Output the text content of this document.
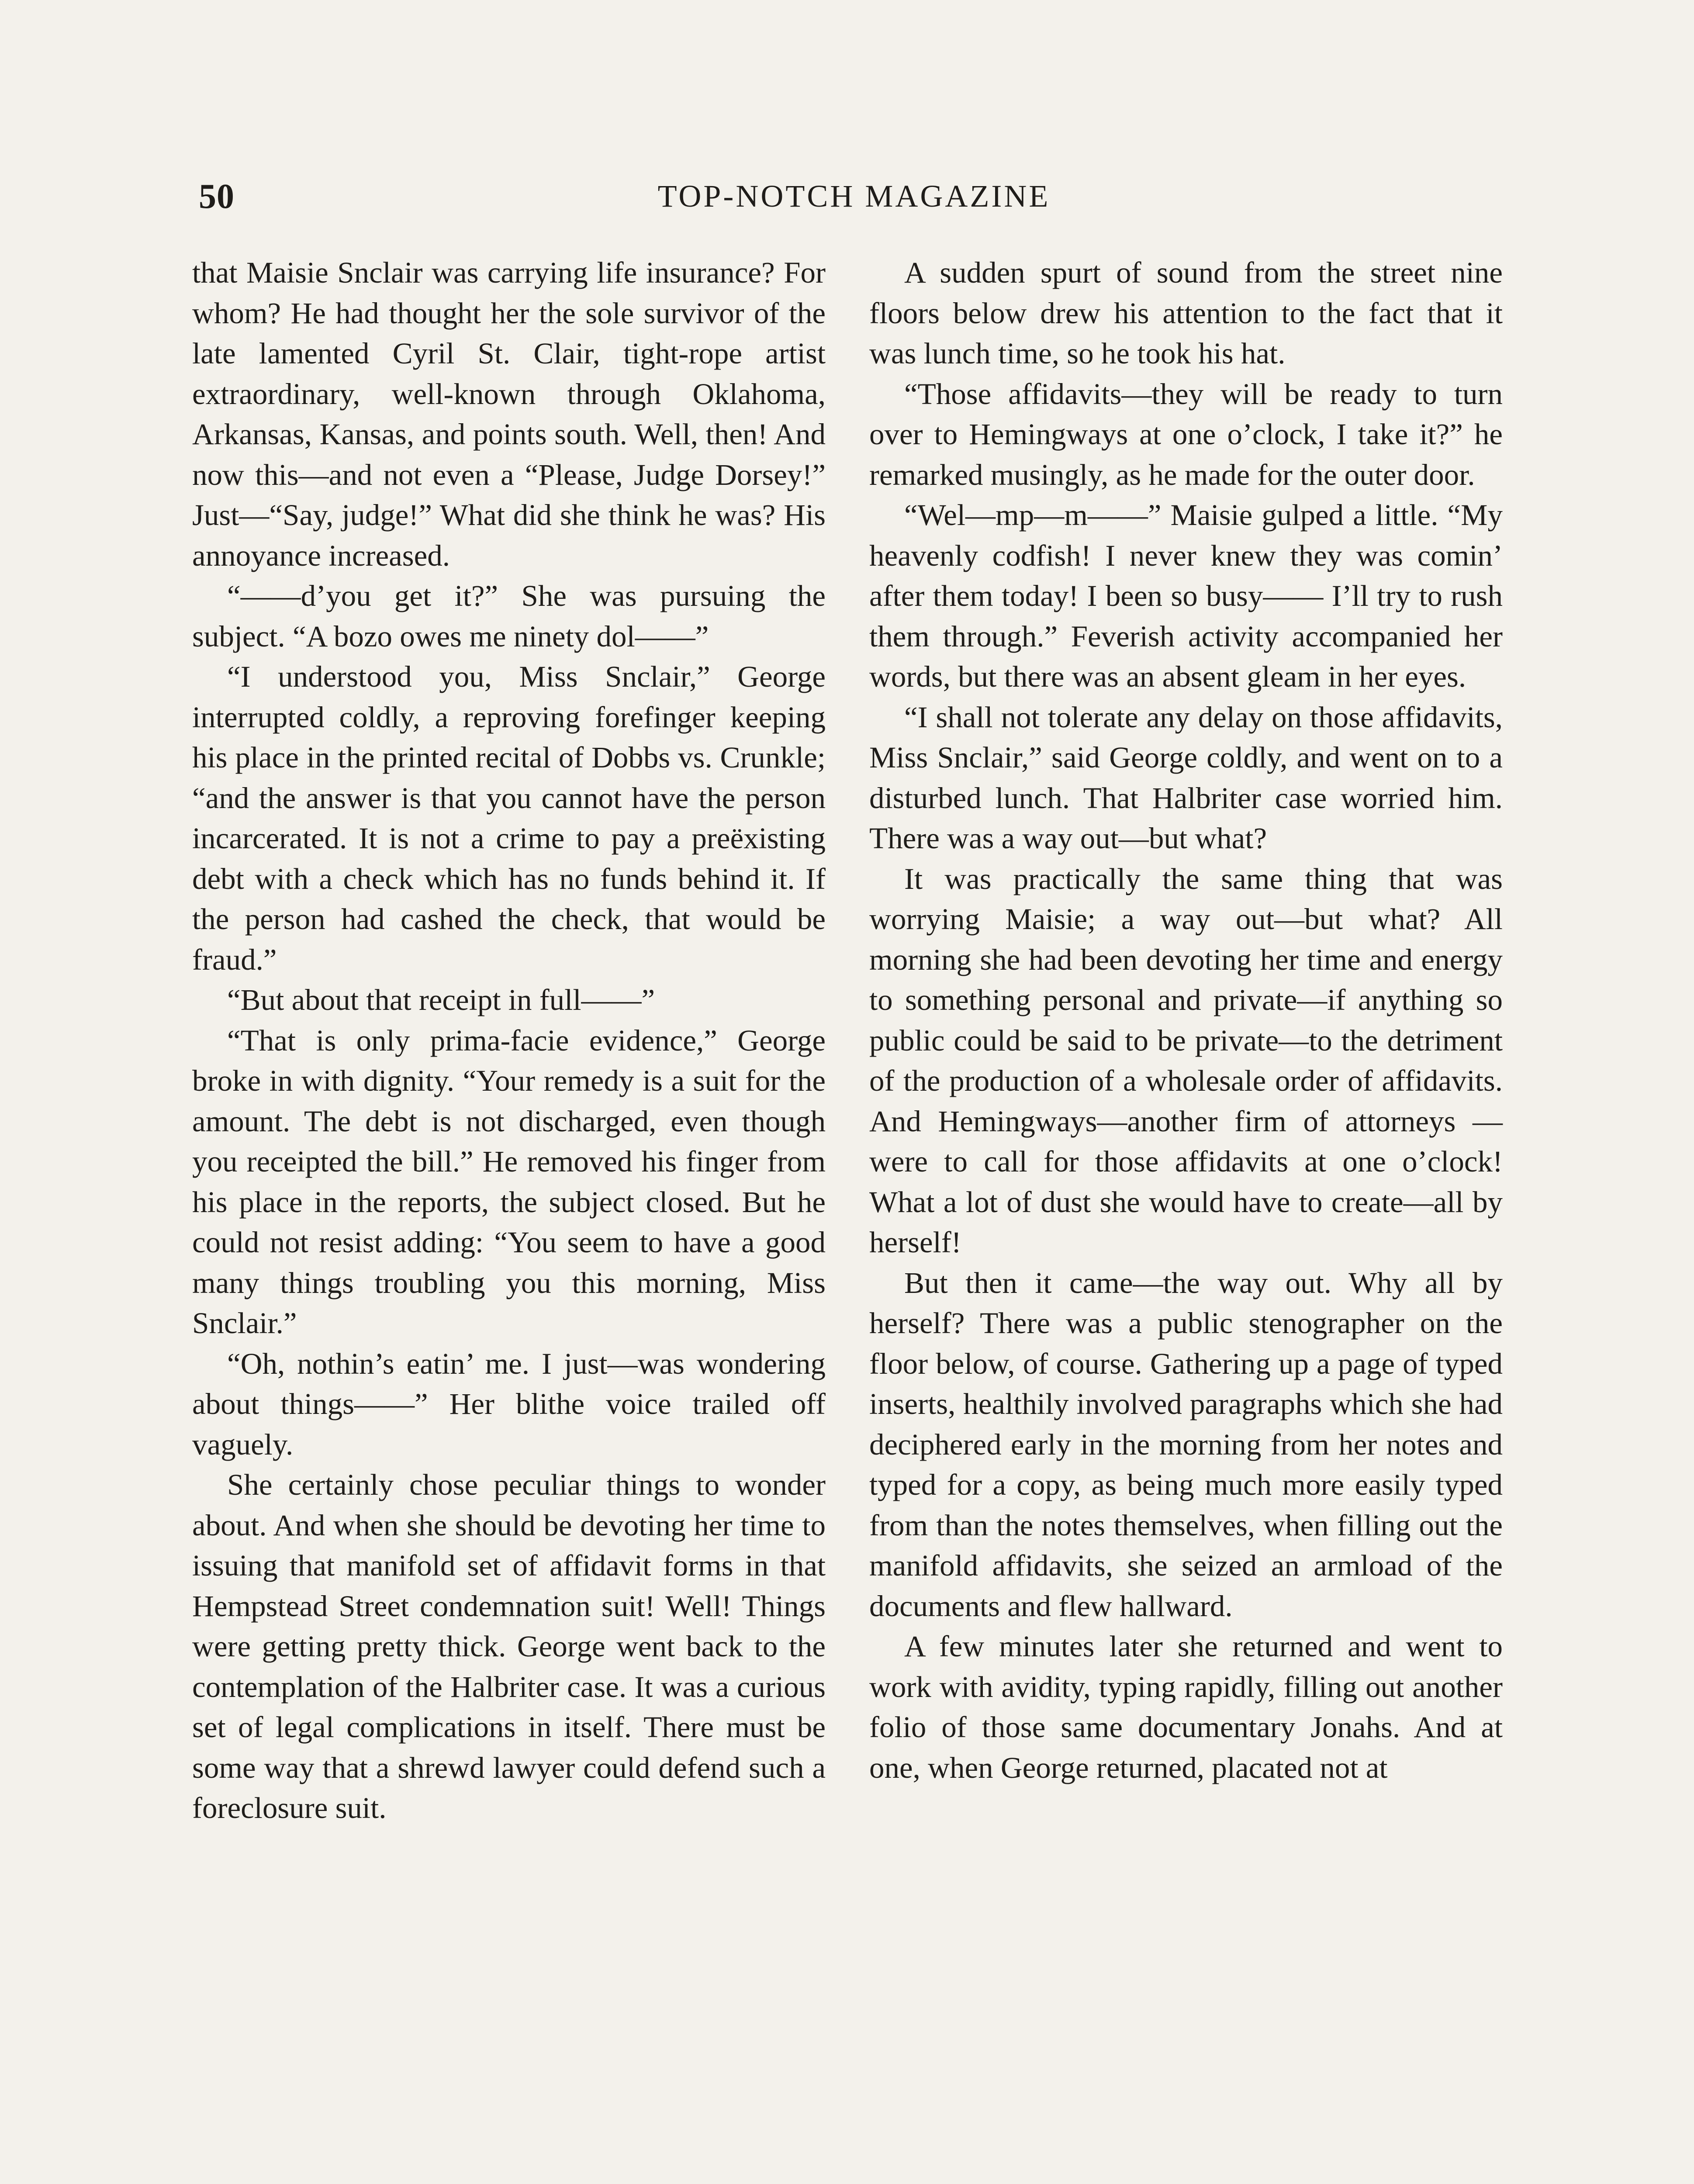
50	TOP-NOTCH MAGAZINE

that Maisie Snclair was carrying life insurance? For whom? He had thought her the sole survivor of the late lamented Cyril St. Clair, tight-rope artist extraordinary, well-known through Oklahoma, Arkansas, Kansas, and points south. Well, then! And now this—and not even a “Please, Judge Dorsey!” Just—“Say, judge!” What did she think he was? His annoyance increased.

“——d’you get it?” She was pursuing the subject. “A bozo owes me ninety dol——”

“I understood you, Miss Snclair,” George interrupted coldly, a reproving forefinger keeping his place in the printed recital of Dobbs vs. Crunkle; “and the answer is that you cannot have the person incarcerated. It is not a crime to pay a preëxisting debt with a check which has no funds behind it. If the person had cashed the check, that would be fraud.”

“But about that receipt in full——”

“That is only prima-facie evidence,” George broke in with dignity. “Your remedy is a suit for the amount. The debt is not discharged, even though you receipted the bill.” He removed his finger from his place in the reports, the subject closed. But he could not resist adding: “You seem to have a good many things troubling you this morning, Miss Snclair.”

“Oh, nothin’s eatin’ me. I just—was wondering about things——” Her blithe voice trailed off vaguely.

She certainly chose peculiar things to wonder about. And when she should be devoting her time to issuing that manifold set of affidavit forms in that Hempstead Street condemnation suit! Well! Things were getting pretty thick. George went back to the contemplation of the Halbriter case. It was a curious set of legal complications in itself. There must be some way that a shrewd lawyer could defend such a foreclosure suit.

A sudden spurt of sound from the street nine floors below drew his attention to the fact that it was lunch time, so he took his hat.

“Those affidavits—they will be ready to turn over to Hemingways at one o’clock, I take it?” he remarked musingly, as he made for the outer door.

“Wel—mp—m——” Maisie gulped a little. “My heavenly codfish! I never knew they was comin’ after them today! I been so busy—— I’ll try to rush them through.” Feverish activity accompanied her words, but there was an absent gleam in her eyes.

“I shall not tolerate any delay on those affidavits, Miss Snclair,” said George coldly, and went on to a disturbed lunch. That Halbriter case worried him. There was a way out—but what?

It was practically the same thing that was worrying Maisie; a way out—but what? All morning she had been devoting her time and energy to something personal and private—if anything so public could be said to be private—to the detriment of the production of a wholesale order of affidavits. And Hemingways—another firm of attorneys —were to call for those affidavits at one o’clock! What a lot of dust she would have to create—all by herself!

But then it came—the way out. Why all by herself? There was a public stenographer on the floor below, of course. Gathering up a page of typed inserts, healthily involved paragraphs which she had deciphered early in the morning from her notes and typed for a copy, as being much more easily typed from than the notes themselves, when filling out the manifold affidavits, she seized an armload of the documents and flew hallward.

A few minutes later she returned and went to work with avidity, typing rapidly, filling out another folio of those same documentary Jonahs. And at one, when George returned, placated not at
